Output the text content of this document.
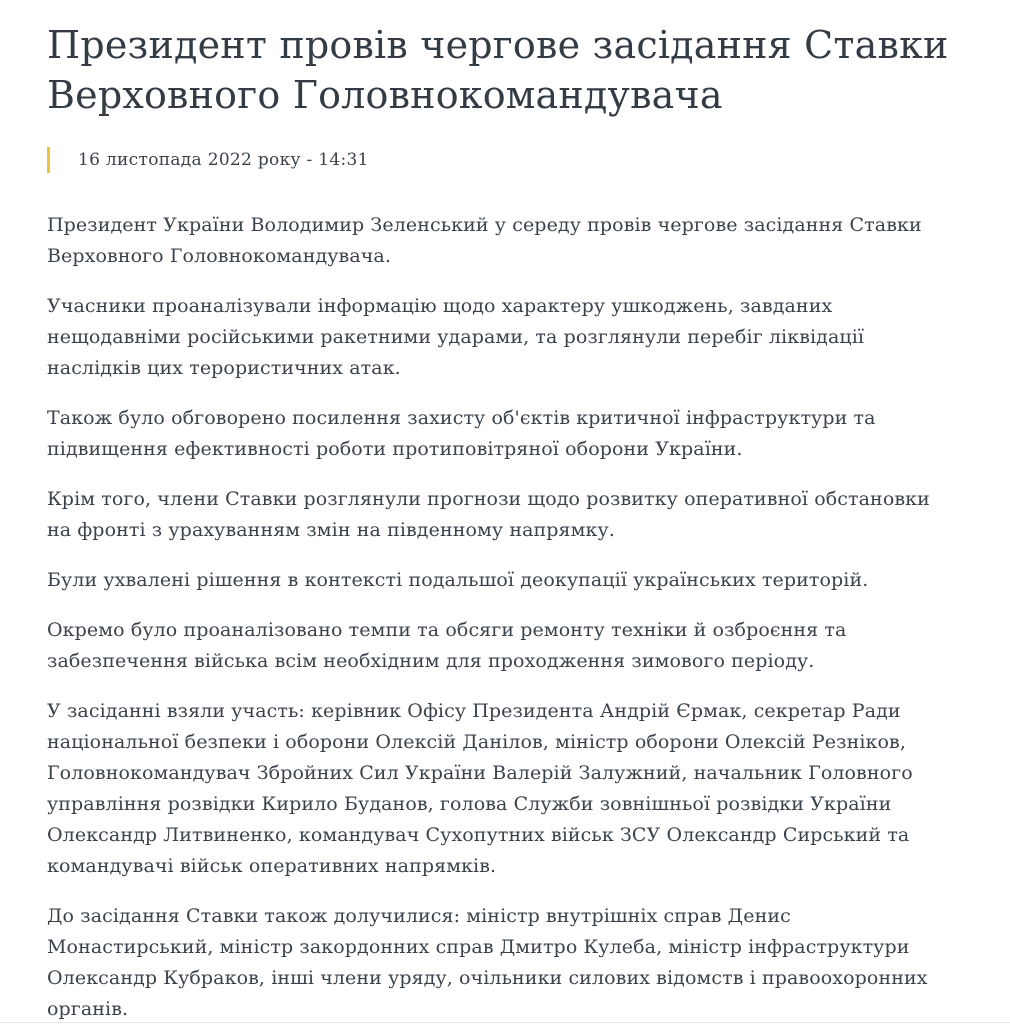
Президент провів чергове засідання Ставки Верховного Головнокомандувача
16 листопада 2022 року - 14:31

Президент України Володимир Зеленський у середу провів чергове засідання Ставки Верховного Головнокомандувача.

Учасники проаналізували інформацію щодо характеру ушкоджень, завданих нещодавніми російськими ракетними ударами, та розглянули перебіг ліквідації наслідків цих терористичних атак.

Також було обговорено посилення захисту об'єктів критичної інфраструктури та підвищення ефективності роботи протиповітряної оборони України.

Крім того, члени Ставки розглянули прогнози щодо розвитку оперативної обстановки на фронті з урахуванням змін на південному напрямку.

Були ухвалені рішення в контексті подальшої деокупації українських територій.

Окремо було проаналізовано темпи та обсяги ремонту техніки й озброєння та забезпечення війська всім необхідним для проходження зимового періоду.

У засіданні взяли участь: керівник Офісу Президента Андрій Єрмак, секретар Ради національної безпеки і оборони Олексій Данілов, міністр оборони Олексій Резніков, Головнокомандувач Збройних Сил України Валерій Залужний, начальник Головного управління розвідки Кирило Буданов, голова Служби зовнішньої розвідки України Олександр Литвиненко, командувач Сухопутних військ ЗСУ Олександр Сирський та командувачі військ оперативних напрямків.

До засідання Ставки також долучилися: міністр внутрішніх справ Денис Монастирський, міністр закордонних справ Дмитро Кулеба, міністр інфраструктури Олександр Кубраков, інші члени уряду, очільники силових відомств і правоохоронних органів.
